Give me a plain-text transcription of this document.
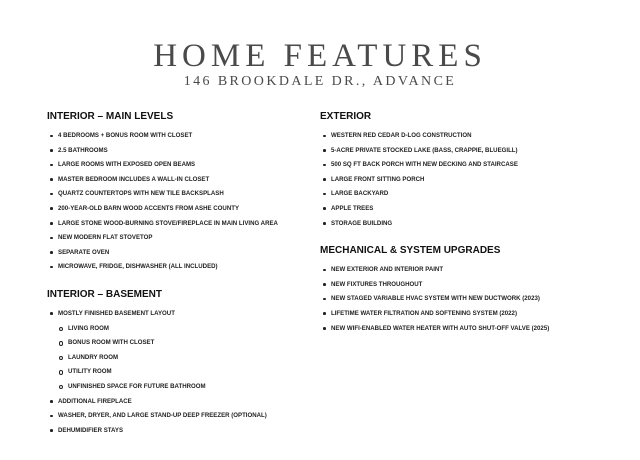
HOME FEATURES
146 BROOKDALE DR., ADVANCE
INTERIOR – MAIN LEVELS
4 BEDROOMS + BONUS ROOM WITH CLOSET
2.5 BATHROOMS
LARGE ROOMS WITH EXPOSED OPEN BEAMS
MASTER BEDROOM INCLUDES A WALL-IN CLOSET
QUARTZ COUNTERTOPS WITH NEW TILE BACKSPLASH
200-YEAR-OLD BARN WOOD ACCENTS FROM ASHE COUNTY
LARGE STONE WOOD-BURNING STOVE/FIREPLACE IN MAIN LIVING AREA
NEW MODERN FLAT STOVETOP
SEPARATE OVEN
MICROWAVE, FRIDGE, DISHWASHER (ALL INCLUDED)
INTERIOR – BASEMENT
MOSTLY FINISHED BASEMENT LAYOUT
LIVING ROOM
BONUS ROOM WITH CLOSET
LAUNDRY ROOM
UTILITY ROOM
UNFINISHED SPACE FOR FUTURE BATHROOM
ADDITIONAL FIREPLACE
WASHER, DRYER, AND LARGE STAND-UP DEEP FREEZER (OPTIONAL)
DEHUMIDIFIER STAYS
EXTERIOR
WESTERN RED CEDAR D-LOG CONSTRUCTION
5-ACRE PRIVATE STOCKED LAKE (BASS, CRAPPIE, BLUEGILL)
500 SQ FT BACK PORCH WITH NEW DECKING AND STAIRCASE
LARGE FRONT SITTING PORCH
LARGE BACKYARD
APPLE TREES
STORAGE BUILDING
MECHANICAL & SYSTEM UPGRADES
NEW EXTERIOR AND INTERIOR PAINT
NEW FIXTURES THROUGHOUT
NEW STAGED VARIABLE HVAC SYSTEM WITH NEW DUCTWORK (2023)
LIFETIME WATER FILTRATION AND SOFTENING SYSTEM (2022)
NEW WIFI-ENABLED WATER HEATER WITH AUTO SHUT-OFF VALVE (2025)
